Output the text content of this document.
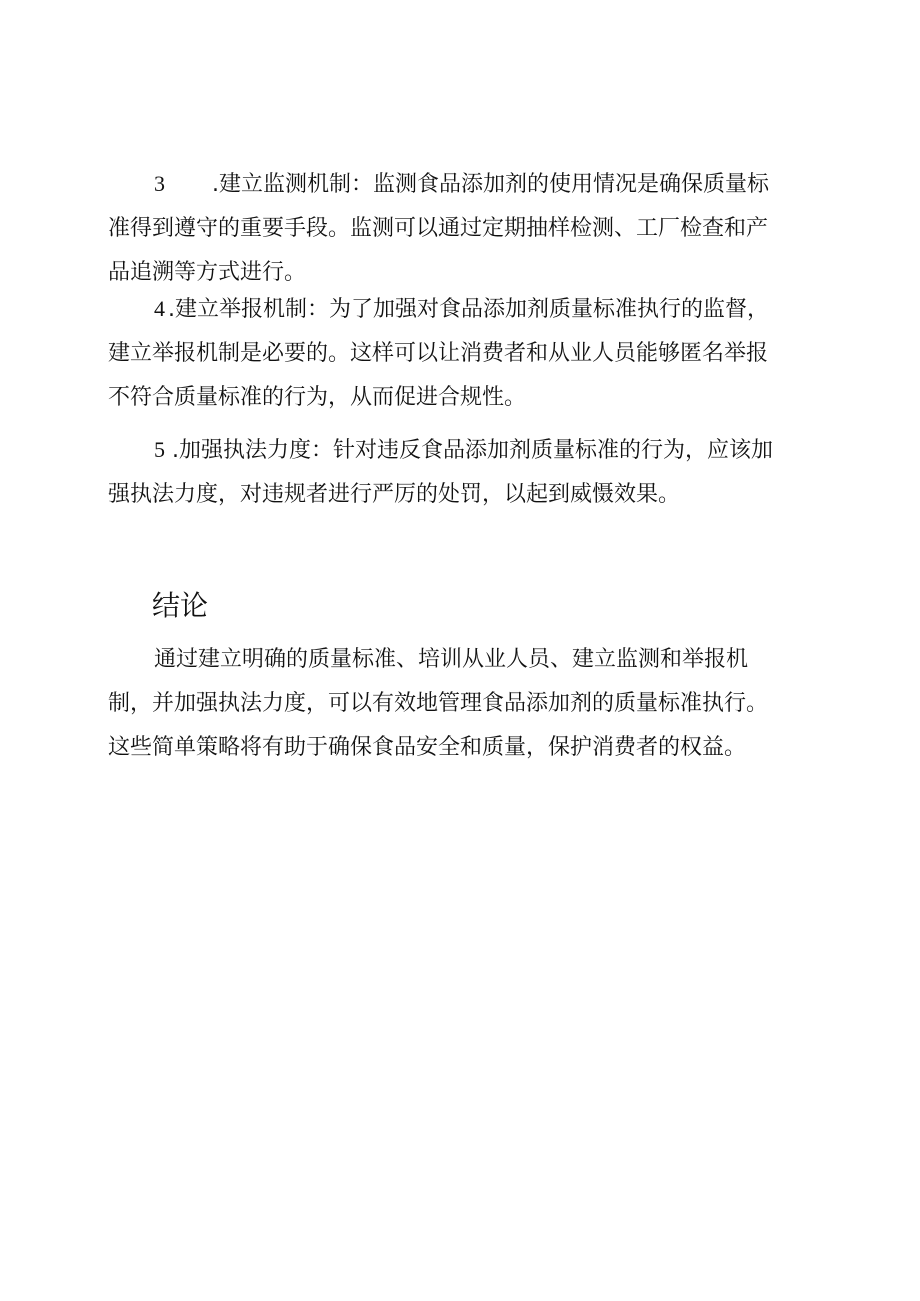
3 .建立监测机制：监测食品添加剂的使用情况是确保质量标
准得到遵守的重要手段。监测可以通过定期抽样检测、工厂检查和产
品追溯等方式进行。
4 .建立举报机制：为了加强对食品添加剂质量标准执行的监督，
建立举报机制是必要的。这样可以让消费者和从业人员能够匿名举报
不符合质量标准的行为，从而促进合规性。
5 .加强执法力度：针对违反食品添加剂质量标准的行为，应该加
强执法力度，对违规者进行严厉的处罚，以起到威慑效果。
结论
通过建立明确的质量标准、培训从业人员、建立监测和举报机
制，并加强执法力度，可以有效地管理食品添加剂的质量标准执行。
这些简单策略将有助于确保食品安全和质量，保护消费者的权益。
